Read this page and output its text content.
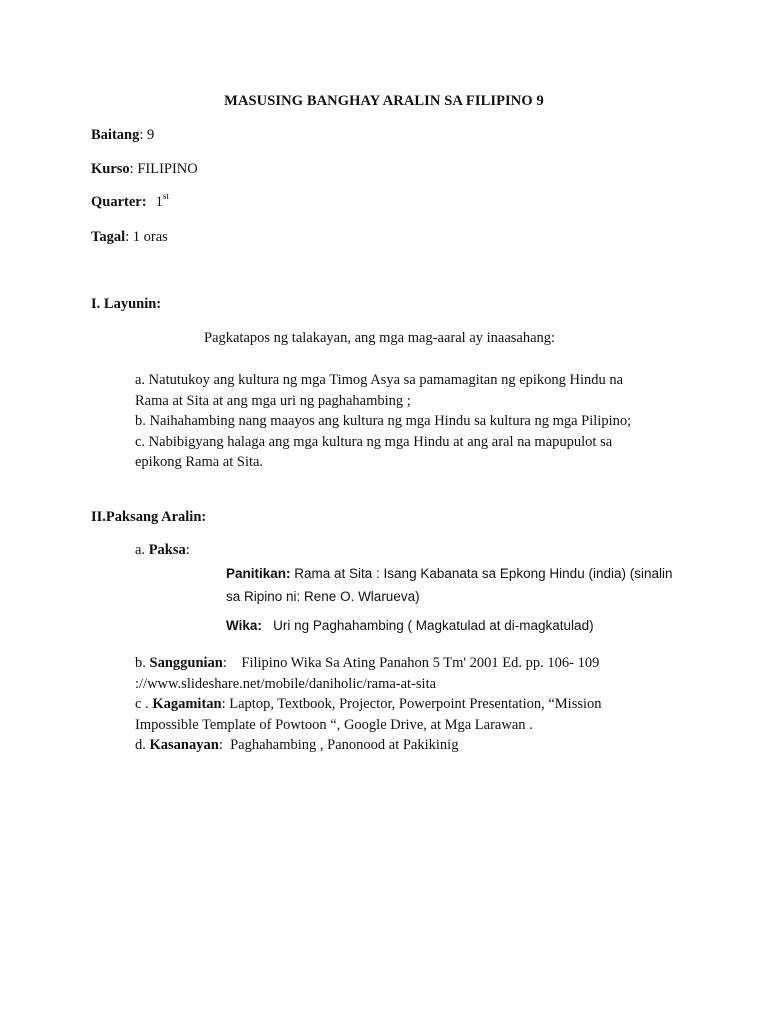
MASUSING BANGHAY ARALIN SA FILIPINO 9
Baitang: 9
Kurso: FILIPINO
Quarter: 1st
Tagal: 1 oras
I. Layunin:
Pagkatapos ng talakayan, ang mga mag-aaral ay inaasahang:
a. Natutukoy ang kultura ng mga Timog Asya sa pamamagitan ng epikong Hindu na
Rama at Sita at ang mga uri ng paghahambing ;
b. Naihahambing nang maayos ang kultura ng mga Hindu sa kultura ng mga Pilipino;
c. Nabibigyang halaga ang mga kultura ng mga Hindu at ang aral na mapupulot sa
epikong Rama at Sita.
II.Paksang Aralin:
a. Paksa:
Panitikan: Rama at Sita : Isang Kabanata sa Epkong Hindu (india) (sinalin
sa Ripino ni: Rene O. Wlarueva)
Wika:   Uri ng Paghahambing ( Magkatulad at di-magkatulad)
b. Sanggunian:    Filipino Wika Sa Ating Panahon 5 Tm' 2001 Ed. pp. 106- 109
://www.slideshare.net/mobile/daniholic/rama-at-sita
c . Kagamitan: Laptop, Textbook, Projector, Powerpoint Presentation, “Mission
Impossible Template of Powtoon “, Google Drive, at Mga Larawan .
d. Kasanayan:  Paghahambing , Panonood at Pakikinig
